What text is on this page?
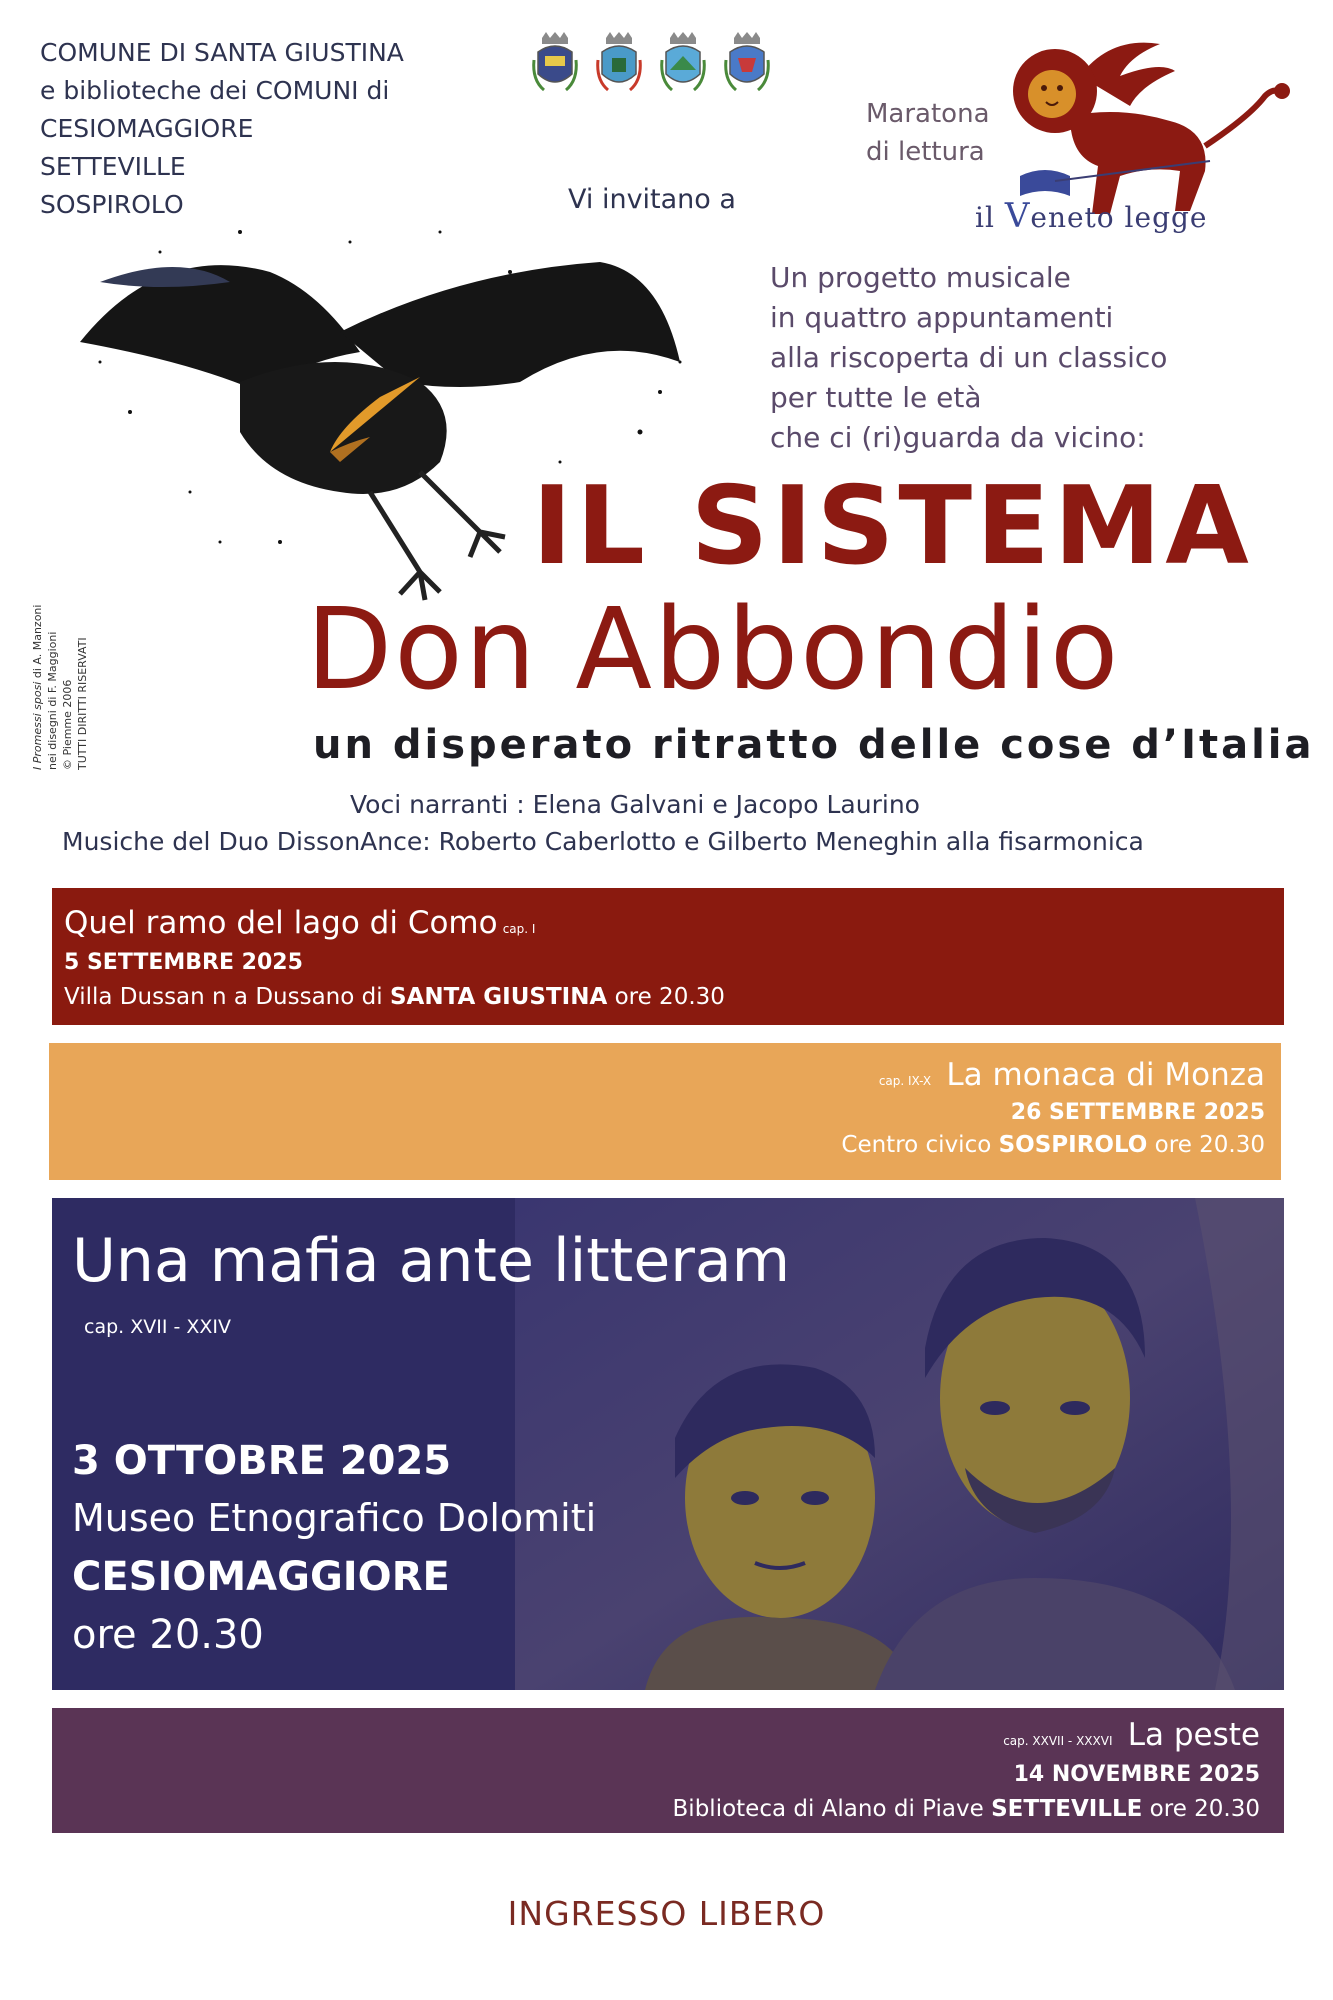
COMUNE DI SANTA GIUSTINA
e biblioteche dei COMUNI di
CESIOMAGGIORE
SETTEVILLE
SOSPIROLO	Vi invitano a
Maratona
di lettura
il Veneto legge
Un progetto musicale
in quattro appuntamenti
alla riscoperta di un classico
per tutte le età
che ci (ri)guarda da vicino:
I Promessi sposi di A. Manzoni nei disegni di F. Maggioni © Piemme 2006 TUTTI DIRITTI RISERVATI
IL SISTEMA
Don Abbondio
un disperato ritratto delle cose d’Italia
Voci narranti : Elena Galvani e Jacopo Laurino
Musiche del Duo DissonAnce: Roberto Caberlotto e Gilberto Meneghin alla fisarmonica
Quel ramo del lago di Como cap. I
5 SETTEMBRE 2025
Villa Dussan n a Dussano di SANTA GIUSTINA ore 20.30
cap. IX-X La monaca di Monza
26 SETTEMBRE 2025
Centro civico SOSPIROLO ore 20.30
Una mafia ante litteram
cap. XVII - XXIV
3 OTTOBRE 2025
Museo Etnografico Dolomiti
CESIOMAGGIORE
ore 20.30
cap. XXVII - XXXVI La peste
14 NOVEMBRE 2025
Biblioteca di Alano di Piave SETTEVILLE ore 20.30
INGRESSO LIBERO
